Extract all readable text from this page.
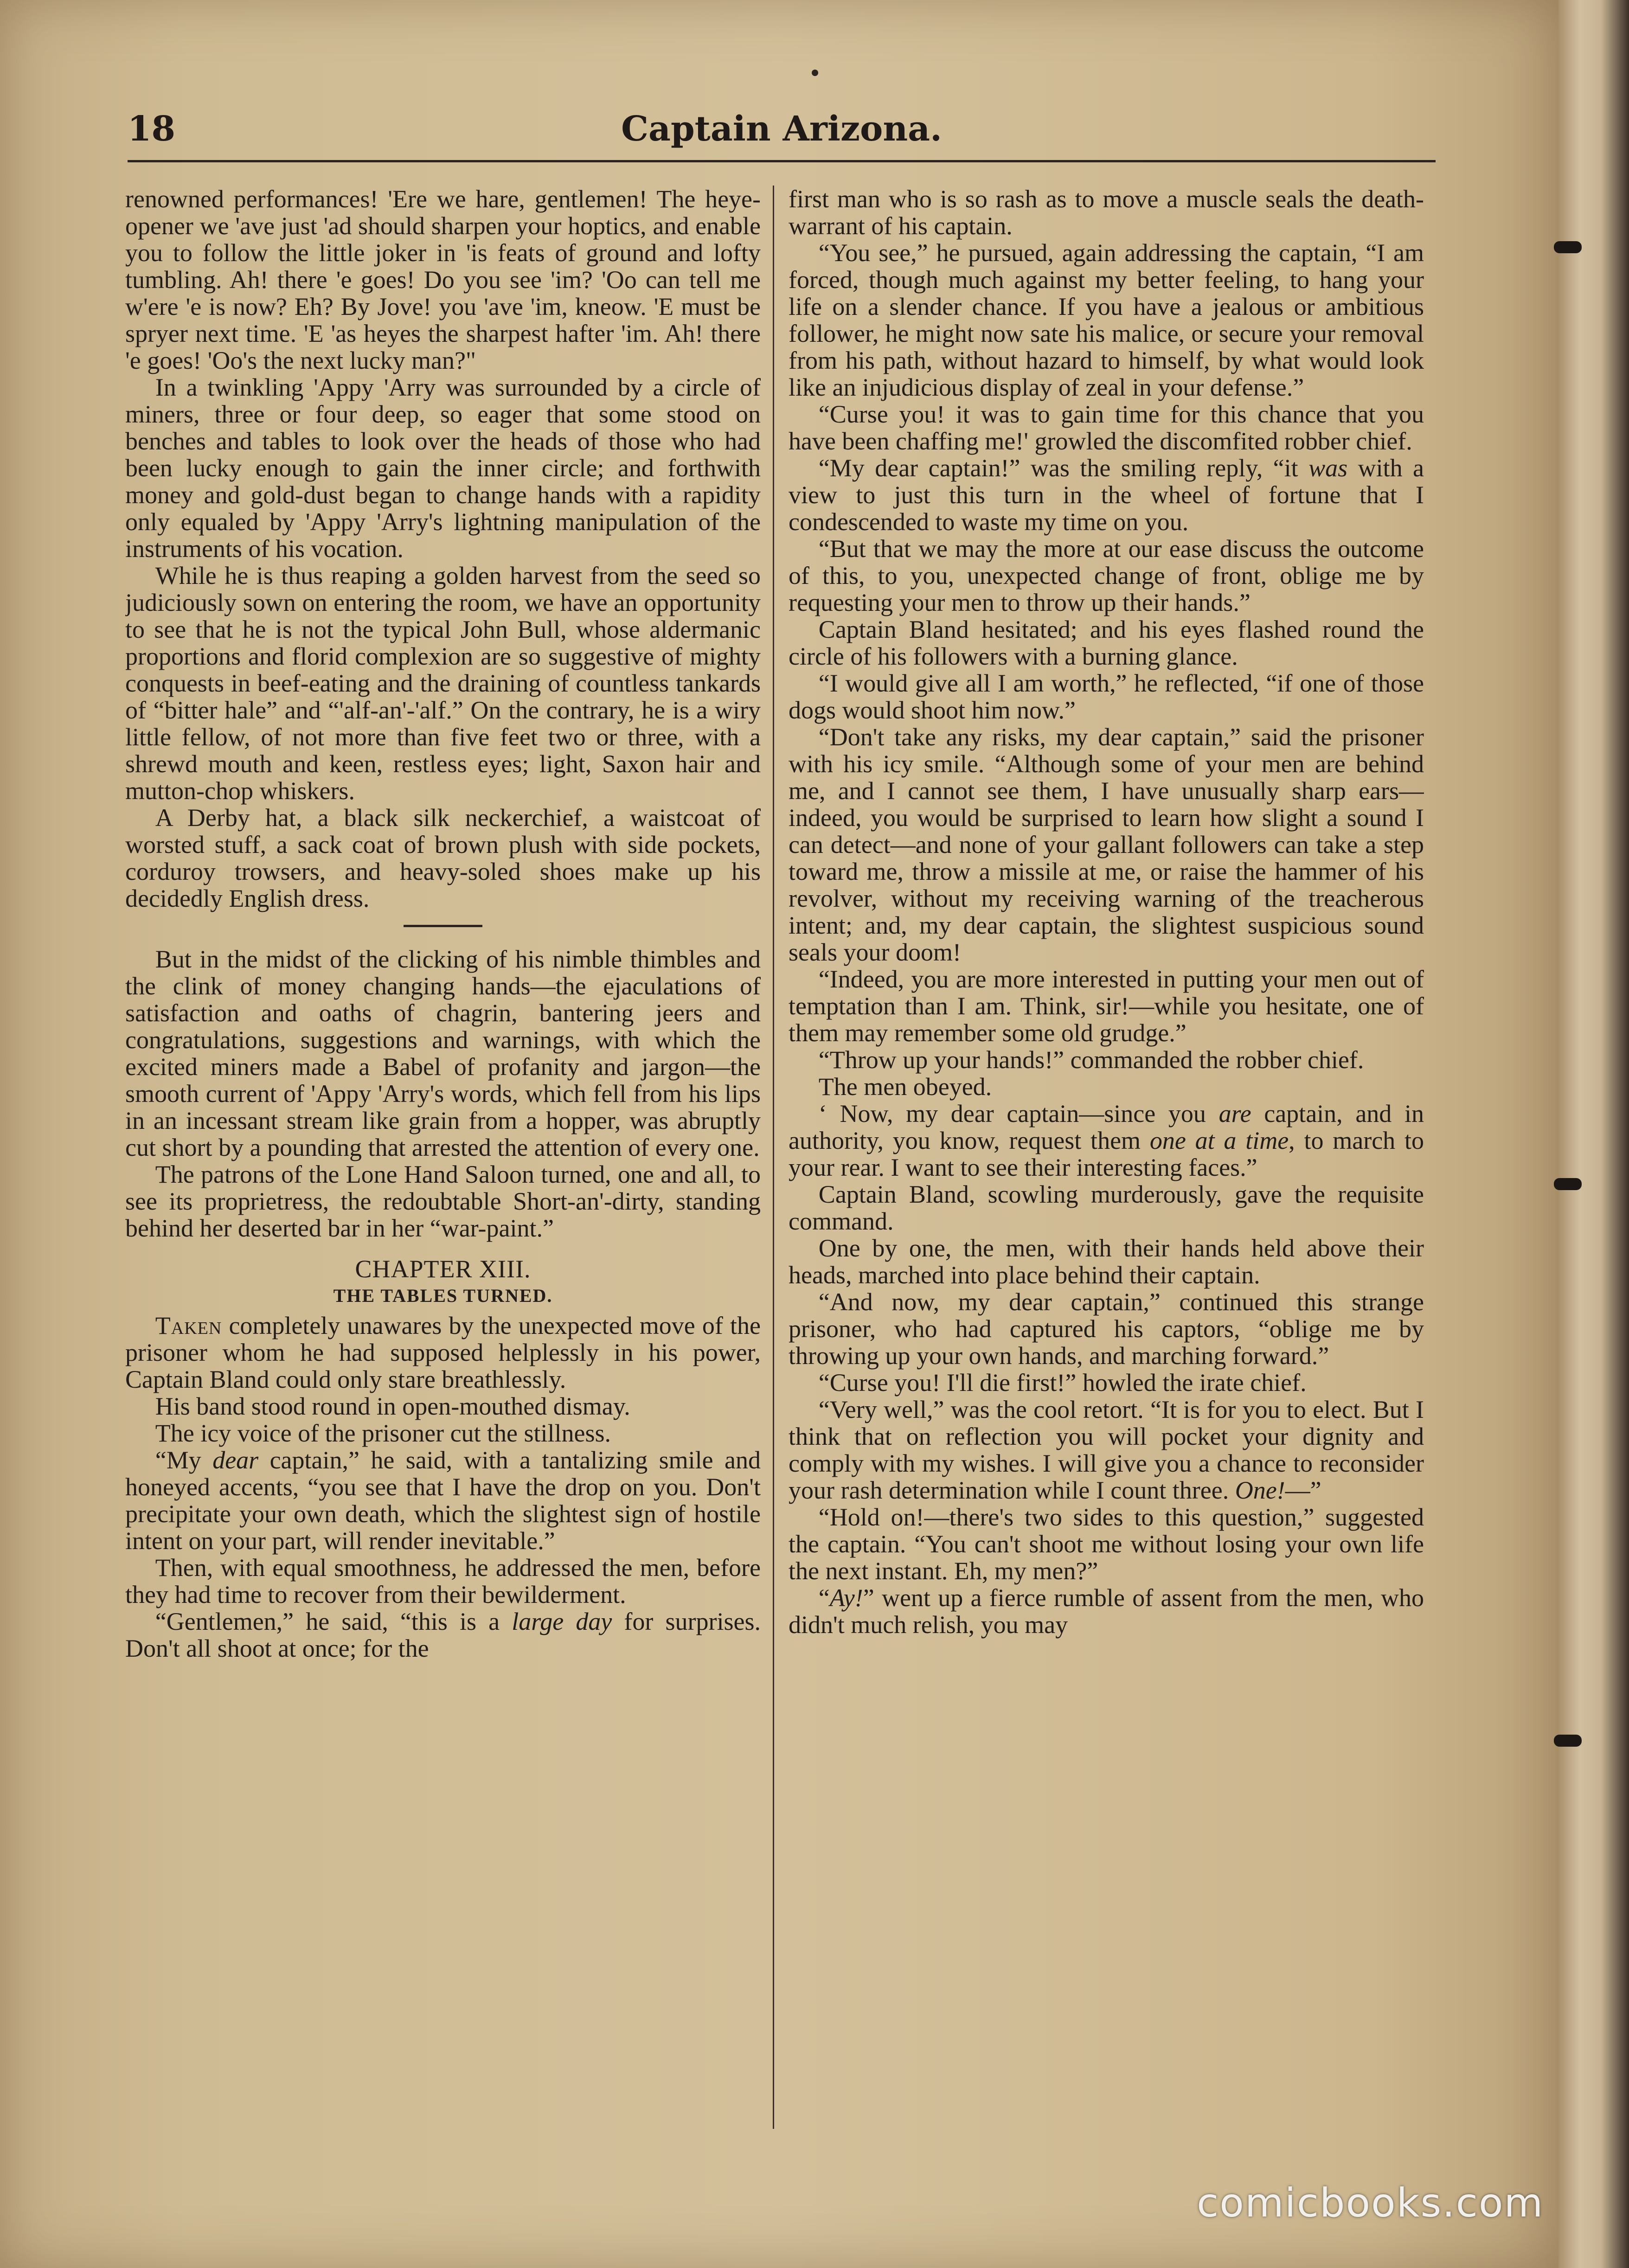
18	Captain Arizona.

renowned performances! 'Ere we hare, gentlemen! The heye-opener we 'ave just 'ad should sharpen your hoptics, and enable you to follow the little joker in 'is feats of ground and lofty tumbling. Ah! there 'e goes! Do you see 'im? 'Oo can tell me w'ere 'e is now? Eh? By Jove! you 'ave 'im, kneow. 'E must be spryer next time. 'E 'as heyes the sharpest hafter 'im. Ah! there 'e goes! 'Oo's the next lucky man?"

In a twinkling 'Appy 'Arry was surrounded by a circle of miners, three or four deep, so eager that some stood on benches and tables to look over the heads of those who had been lucky enough to gain the inner circle; and forthwith money and gold-dust began to change hands with a rapidity only equaled by 'Appy 'Arry's lightning manipulation of the instruments of his vocation.

While he is thus reaping a golden harvest from the seed so judiciously sown on entering the room, we have an opportunity to see that he is not the typical John Bull, whose aldermanic proportions and florid complexion are so suggestive of mighty conquests in beef-eating and the draining of countless tankards of “bitter hale” and “'alf-an'-'alf.” On the contrary, he is a wiry little fellow, of not more than five feet two or three, with a shrewd mouth and keen, restless eyes; light, Saxon hair and mutton-chop whiskers.

A Derby hat, a black silk neckerchief, a waistcoat of worsted stuff, a sack coat of brown plush with side pockets, corduroy trowsers, and heavy-soled shoes make up his decidedly English dress.

But in the midst of the clicking of his nimble thimbles and the clink of money changing hands—the ejaculations of satisfaction and oaths of chagrin, bantering jeers and congratulations, suggestions and warnings, with which the excited miners made a Babel of profanity and jargon—the smooth current of 'Appy 'Arry's words, which fell from his lips in an incessant stream like grain from a hopper, was abruptly cut short by a pounding that arrested the attention of every one.

The patrons of the Lone Hand Saloon turned, one and all, to see its proprietress, the redoubtable Short-an'-dirty, standing behind her deserted bar in her “war-paint.”

CHAPTER XIII.
THE TABLES TURNED.

Taken completely unawares by the unexpected move of the prisoner whom he had supposed helplessly in his power, Captain Bland could only stare breathlessly.

His band stood round in open-mouthed dismay.

The icy voice of the prisoner cut the stillness.

“My dear captain,” he said, with a tantalizing smile and honeyed accents, “you see that I have the drop on you. Don't precipitate your own death, which the slightest sign of hostile intent on your part, will render inevitable.”

Then, with equal smoothness, he addressed the men, before they had time to recover from their bewilderment.

“Gentlemen,” he said, “this is a large day for surprises. Don't all shoot at once; for the

first man who is so rash as to move a muscle seals the death-warrant of his captain.

“You see,” he pursued, again addressing the captain, “I am forced, though much against my better feeling, to hang your life on a slender chance. If you have a jealous or ambitious follower, he might now sate his malice, or secure your removal from his path, without hazard to himself, by what would look like an injudicious display of zeal in your defense.”

“Curse you! it was to gain time for this chance that you have been chaffing me!' growled the discomfited robber chief.

“My dear captain!” was the smiling reply, “it was with a view to just this turn in the wheel of fortune that I condescended to waste my time on you.

“But that we may the more at our ease discuss the outcome of this, to you, unexpected change of front, oblige me by requesting your men to throw up their hands.”

Captain Bland hesitated; and his eyes flashed round the circle of his followers with a burning glance.

“I would give all I am worth,” he reflected, “if one of those dogs would shoot him now.”

“Don't take any risks, my dear captain,” said the prisoner with his icy smile. “Although some of your men are behind me, and I cannot see them, I have unusually sharp ears—indeed, you would be surprised to learn how slight a sound I can detect—and none of your gallant followers can take a step toward me, throw a missile at me, or raise the hammer of his revolver, without my receiving warning of the treacherous intent; and, my dear captain, the slightest suspicious sound seals your doom!

“Indeed, you are more interested in putting your men out of temptation than I am. Think, sir!—while you hesitate, one of them may remember some old grudge.”

“Throw up your hands!” commanded the robber chief.

The men obeyed.

‘ Now, my dear captain—since you are captain, and in authority, you know, request them one at a time, to march to your rear. I want to see their interesting faces.”

Captain Bland, scowling murderously, gave the requisite command.

One by one, the men, with their hands held above their heads, marched into place behind their captain.

“And now, my dear captain,” continued this strange prisoner, who had captured his captors, “oblige me by throwing up your own hands, and marching forward.”

“Curse you! I'll die first!” howled the irate chief.

“Very well,” was the cool retort. “It is for you to elect. But I think that on reflection you will pocket your dignity and comply with my wishes. I will give you a chance to reconsider your rash determination while I count three. One!—”

“Hold on!—there's two sides to this question,” suggested the captain. “You can't shoot me without losing your own life the next instant. Eh, my men?”

“Ay!” went up a fierce rumble of assent from the men, who didn't much relish, you may

comicbooks.com
